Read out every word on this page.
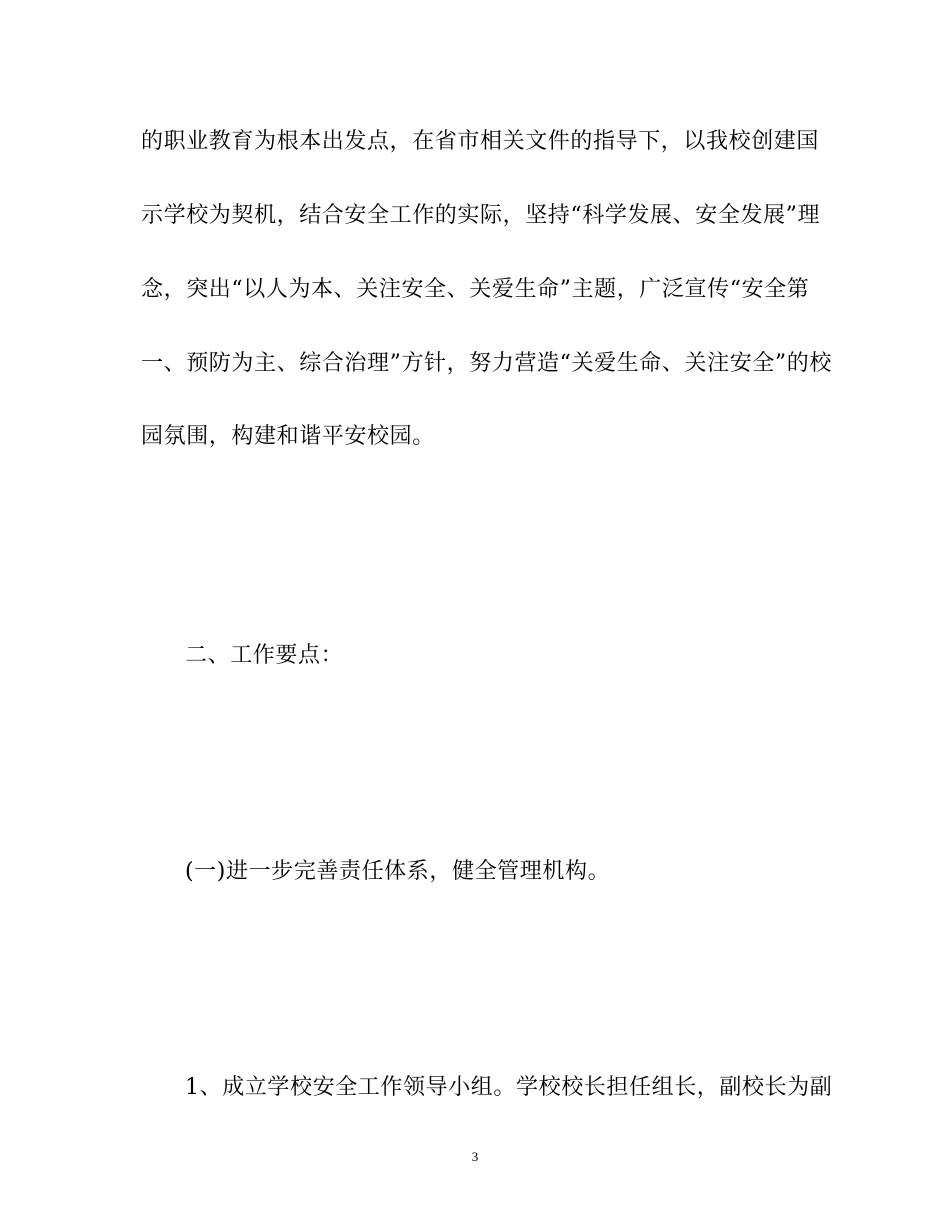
的职业教育为根本出发点，在省市相关文件的指导下，以我校创建国
示学校为契机，结合安全工作的实际，坚持“科学发展、安全发展”理
念，突出“以人为本、关注安全、关爱生命”主题，广泛宣传“安全第
一、预防为主、综合治理”方针，努力营造“关爱生命、关注安全”的校
园氛围，构建和谐平安校园。
二、工作要点：
(一)进一步完善责任体系，健全管理机构。
1、成立学校安全工作领导小组。学校校长担任组长，副校长为副
3
